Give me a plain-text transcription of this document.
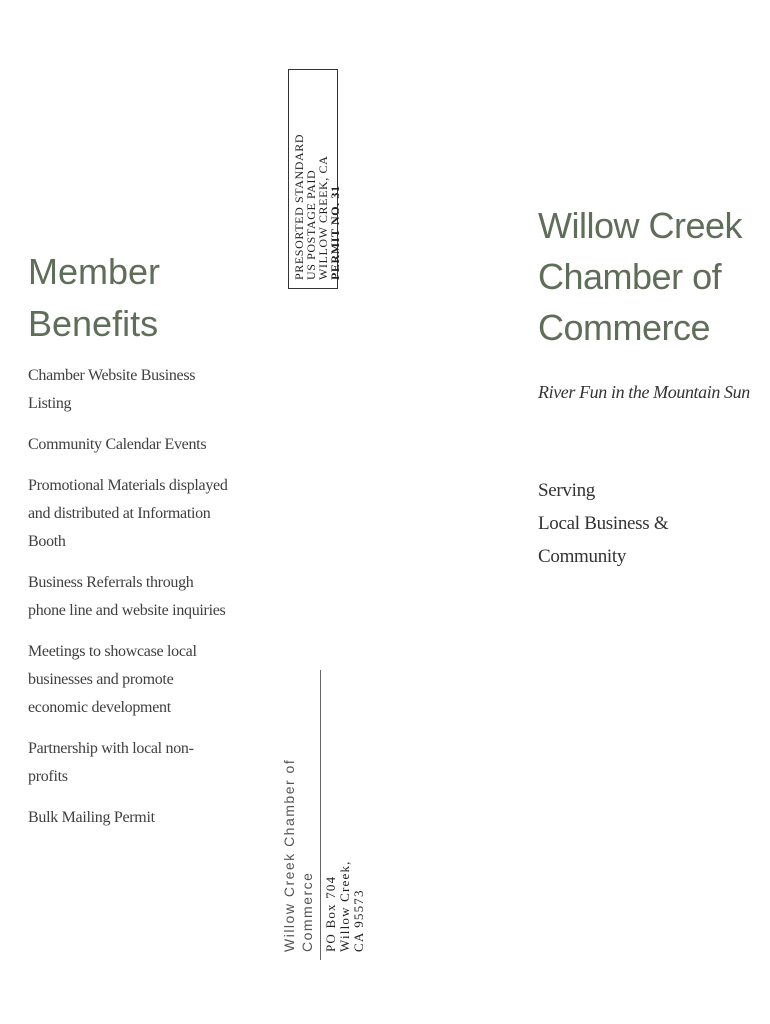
Member
Benefits
Chamber Website Business Listing
Community Calendar Events
Promotional Materials displayed and distributed at Information Booth
Business Referrals through phone line and website inquiries
Meetings to showcase local businesses and promote economic development
Partnership with local non-profits
Bulk Mailing Permit
PRESORTED STANDARD
US POSTAGE PAID
WILLOW CREEK, CA
PERMIT NO. 31
Willow Creek Chamber of Commerce PO Box 704 Willow Creek, CA 95573
Willow Creek
Chamber of
Commerce
River Fun in the Mountain Sun
Serving
Local Business &
Community
